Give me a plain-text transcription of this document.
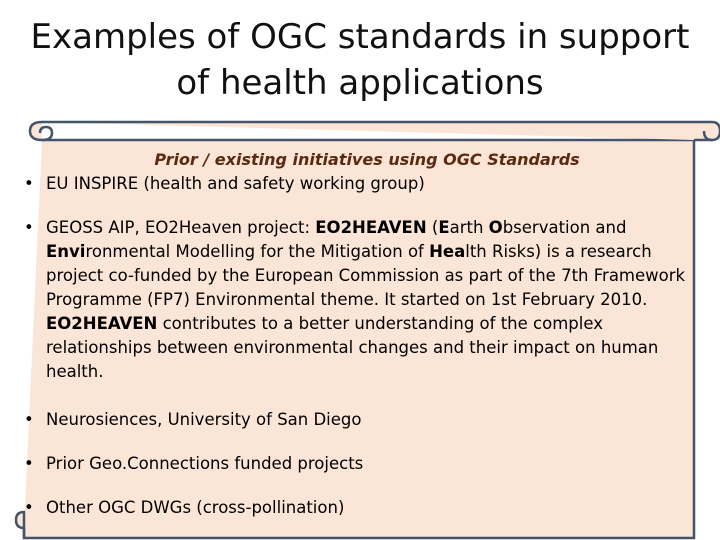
Examples of OGC standards in support
of health applications
Prior / existing initiatives using OGC Standards
• EU INSPIRE (health and safety working group)
• GEOSS AIP, EO2Heaven project: EO2HEAVEN (Earth Observation and Environmental Modelling for the Mitigation of Health Risks) is a research project co-funded by the European Commission as part of the 7th Framework Programme (FP7) Environmental theme. It started on 1st February 2010. EO2HEAVEN contributes to a better understanding of the complex relationships between environmental changes and their impact on human health.
• Neurosiences, University of San Diego
• Prior Geo.Connections funded projects
• Other OGC DWGs (cross-pollination)
